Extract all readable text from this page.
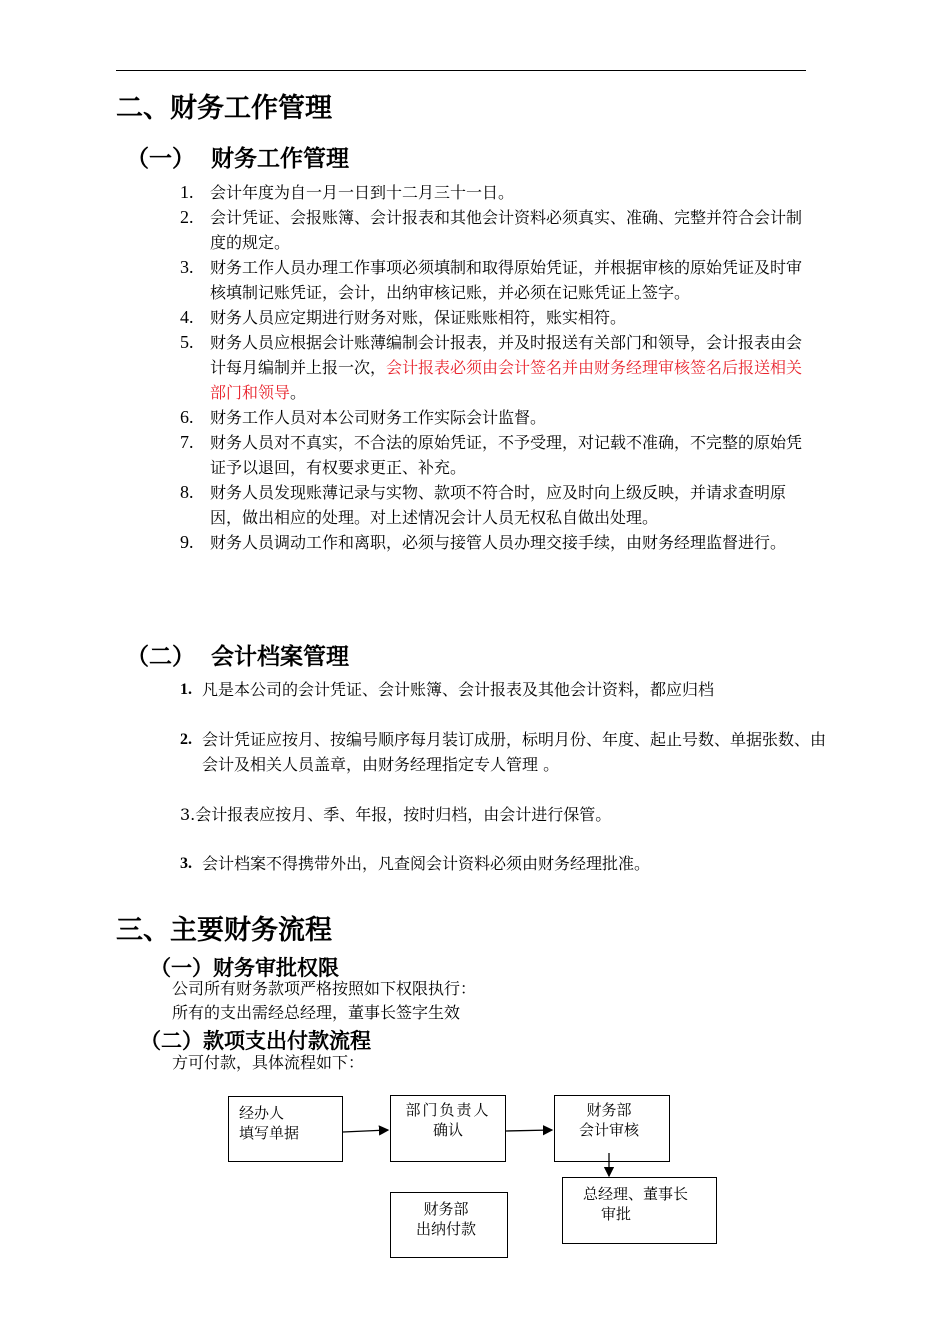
二、财务工作管理
（一）  财务工作管理
1. 会计年度为自一月一日到十二月三十一日。
2. 会计凭证、会报账簿、会计报表和其他会计资料必须真实、准确、完整并符合会计制度的规定。
3. 财务工作人员办理工作事项必须填制和取得原始凭证，并根据审核的原始凭证及时审核填制记账凭证，会计，出纳审核记账，并必须在记账凭证上签字。
4. 财务人员应定期进行财务对账，保证账账相符，账实相符。
5. 财务人员应根据会计账薄编制会计报表，并及时报送有关部门和领导，会计报表由会计每月编制并上报一次，会计报表必须由会计签名并由财务经理审核签名后报送相关部门和领导。
6. 财务工作人员对本公司财务工作实际会计监督。
7. 财务人员对不真实，不合法的原始凭证，不予受理，对记载不准确，不完整的原始凭证予以退回，有权要求更正、补充。
8. 财务人员发现账薄记录与实物、款项不符合时，应及时向上级反映，并请求查明原因，做出相应的处理。对上述情况会计人员无权私自做出处理。
9. 财务人员调动工作和离职，必须与接管人员办理交接手续，由财务经理监督进行。
（二）  会计档案管理
1. 凡是本公司的会计凭证、会计账簿、会计报表及其他会计资料，都应归档
2. 会计凭证应按月、按编号顺序每月装订成册，标明月份、年度、起止号数、单据张数、由会计及相关人员盖章，由财务经理指定专人管理 。
3.会计报表应按月、季、年报，按时归档，由会计进行保管。
3. 会计档案不得携带外出，凡查阅会计资料必须由财务经理批准。
三、主要财务流程
（一）财务审批权限
公司所有财务款项严格按照如下权限执行：
所有的支出需经总经理，董事长签字生效
（二）款项支出付款流程
方可付款，具体流程如下：
经办人
填写单据
部门负责人
确认
财务部
会计审核
总经理、董事长
审批
财务部
出纳付款
